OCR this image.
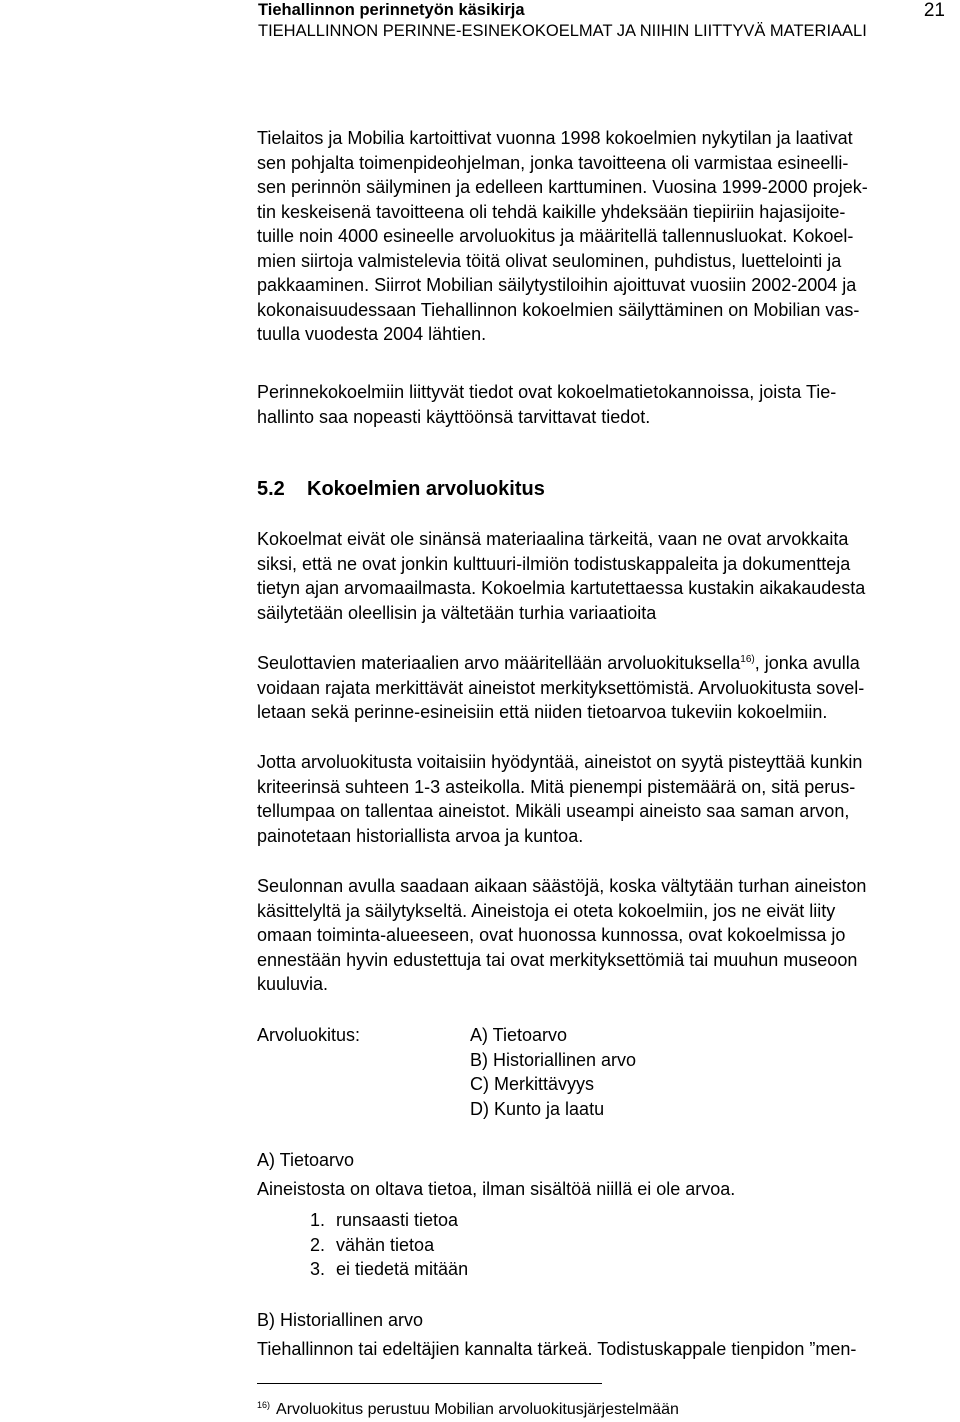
Tiehallinnon perinnetyön käsikirja
TIEHALLINNON PERINNE-ESINEKOKOELMAT JA NIIHIN LIITTYVÄ MATERIAALI
21

Tielaitos ja Mobilia kartoittivat vuonna 1998 kokoelmien nykytilan ja laativat

sen pohjalta toimenpideohjelman, jonka tavoitteena oli varmistaa esineelli-

sen perinnön säilyminen ja edelleen karttuminen. Vuosina 1999-2000 projek-

tin keskeisenä tavoitteena oli tehdä kaikille yhdeksään tiepiiriin hajasijoite-

tuille noin 4000 esineelle arvoluokitus ja määritellä tallennusluokat. Kokoel-

mien siirtoja valmistelevia töitä olivat seulominen, puhdistus, luettelointi ja

pakkaaminen. Siirrot Mobilian säilytystiloihin ajoittuvat vuosiin 2002-2004 ja

kokonaisuudessaan Tiehallinnon kokoelmien säilyttäminen on Mobilian vas-

tuulla vuodesta 2004 lähtien.

Perinnekokoelmiin liittyvät tiedot ovat kokoelmatietokannoissa, joista Tie-

hallinto saa nopeasti käyttöönsä tarvittavat tiedot.

5.2 Kokoelmien arvoluokitus

Kokoelmat eivät ole sinänsä materiaalina tärkeitä, vaan ne ovat arvokkaita

siksi, että ne ovat jonkin kulttuuri-ilmiön todistuskappaleita ja dokumentteja

tietyn ajan arvomaailmasta. Kokoelmia kartutettaessa kustakin aikakaudesta

säilytetään oleellisin ja vältetään turhia variaatioita

Seulottavien materiaalien arvo määritellään arvoluokituksella$^{16)}$, jonka avulla

voidaan rajata merkittävät aineistot merkityksettömistä. Arvoluokitusta sovel-

letaan sekä perinne-esineisiin että niiden tietoarvoa tukeviin kokoelmiin.

Jotta arvoluokitusta voitaisiin hyödyntää, aineistot on syytä pisteyttää kunkin

kriteerinsä suhteen 1-3 asteikolla. Mitä pienempi pistemäärä on, sitä perus-

tellumpaa on tallentaa aineistot. Mikäli useampi aineisto saa saman arvon,

painotetaan historiallista arvoa ja kuntoa.

Seulonnan avulla saadaan aikaan säästöjä, koska vältytään turhan aineiston

käsittelyltä ja säilytykseltä. Aineistoja ei oteta kokoelmiin, jos ne eivät liity

omaan toiminta-alueeseen, ovat huonossa kunnossa, ovat kokoelmissa jo

ennestään hyvin edustettuja tai ovat merkityksettömiä tai muuhun museoon

kuuluvia.

Arvoluokitus:	A) Tietoarvo
B) Historiallinen arvo
C) Merkittävyys
D) Kunto ja laatu

A) Tietoarvo

Aineistosta on oltava tietoa, ilman sisältöä niillä ei ole arvoa.

1. runsaasti tietoa
2. vähän tietoa
3. ei tiedetä mitään

B) Historiallinen arvo

Tiehallinnon tai edeltäjien kannalta tärkeä. Todistuskappale tienpidon ”men-

$^{16)}$ Arvoluokitus perustuu Mobilian arvoluokitusjärjestelmään
